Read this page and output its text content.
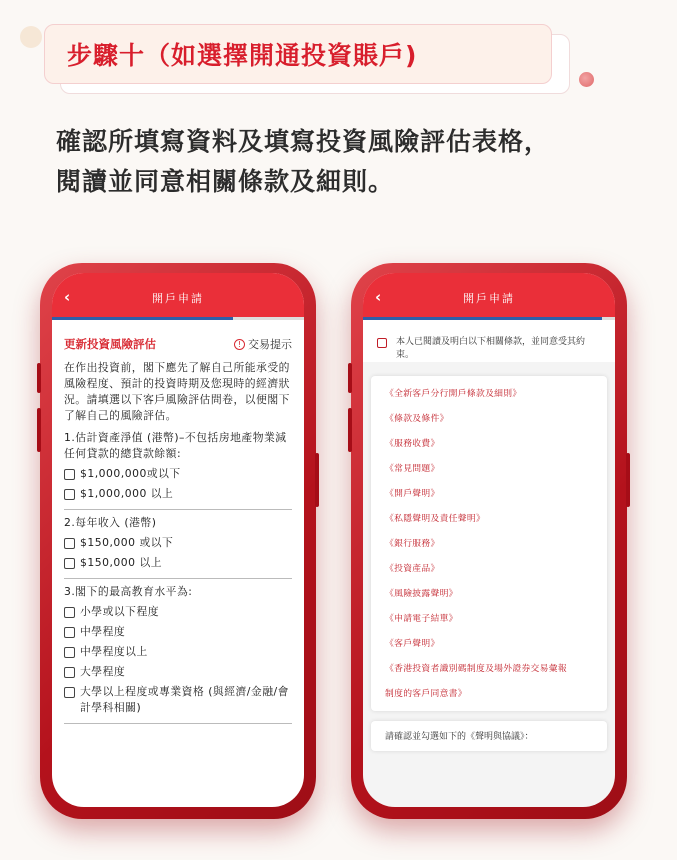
步驟十（如選擇開通投資賬戶)
確認所填寫資料及填寫投資風險評估表格，
閱讀並同意相關條款及細則。
‹	開戶申請
更新投資風險評估	! 交易提示
在作出投資前，閣下應先了解自己所能承受的風險程度、預計的投資時期及您現時的經濟狀況。請填選以下客戶風險評估問卷，以便閣下了解自己的風險評估。
1.估計資產淨值 (港幣)–不包括房地產物業減任何貸款的總貸款餘額:
$1,000,000或以下
$1,000,000 以上
2.每年收入 (港幣)
$150,000 或以下
$150,000 以上
3.閣下的最高教育水平為:
小學或以下程度
中學程度
中學程度以上
大學程度
大學以上程度或專業資格 (與經濟/金融/會計學科相關)
‹	開戶申請
本人已閱讀及明白以下相關條款，並同意受其約束。
《全新客戶分行開戶條款及細則》
《條款及條件》
《服務收費》
《常見問題》
《開戶聲明》
《私隱聲明及責任聲明》
《銀行服務》
《投資產品》
《風險披露聲明》
《申請電子結單》
《客戶聲明》
《香港投資者識別碼制度及場外證券交易彙報
制度的客戶同意書》
請確認並勾選如下的《聲明與協議》：
